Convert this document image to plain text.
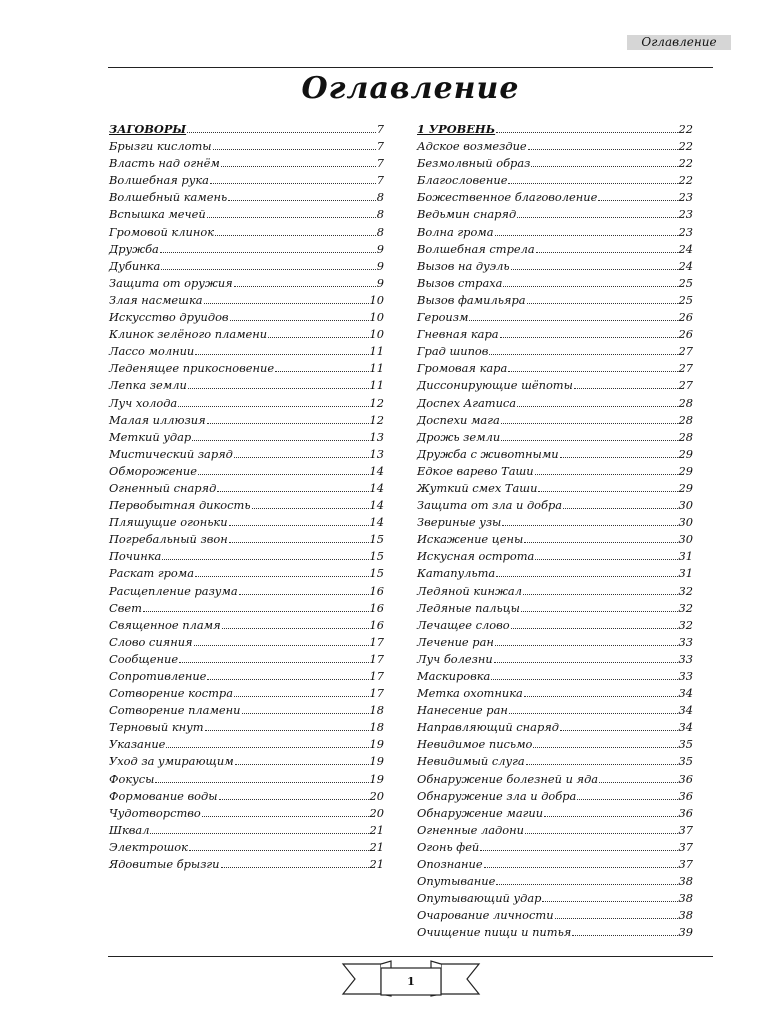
Оглавление
Оглавление
ЗАГОВОРЫ	7
Брызги кислоты	7
Власть над огнём	7
Волшебная рука	7
Волшебный камень	8
Вспышка мечей	8
Громовой клинок	8
Дружба	9
Дубинка	9
Защита от оружия	9
Злая насмешка	10
Искусство друидов	10
Клинок зелёного пламени	10
Лассо молнии	11
Леденящее прикосновение	11
Лепка земли	11
Луч холода	12
Малая иллюзия	12
Меткий удар	13
Мистический заряд	13
Обморожение	14
Огненный снаряд	14
Первобытная дикость	14
Пляшущие огоньки	14
Погребальный звон	15
Починка	15
Раскат грома	15
Расщепление разума	16
Свет	16
Священное пламя	16
Слово сияния	17
Сообщение	17
Сопротивление	17
Сотворение костра	17
Сотворение пламени	18
Терновый кнут	18
Указание	19
Уход за умирающим	19
Фокусы	19
Формование воды	20
Чудотворство	20
Шквал	21
Электрошок	21
Ядовитые брызги	21
1 УРОВЕНЬ	22
Адское возмездие	22
Безмолвный образ	22
Благословение	22
Божественное благоволение	23
Ведьмин снаряд	23
Волна грома	23
Волшебная стрела	24
Вызов на дуэль	24
Вызов страха	25
Вызов фамильяра	25
Героизм	26
Гневная кара	26
Град шипов	27
Громовая кара	27
Диссонирующие шёпоты	27
Доспех Агатиса	28
Доспехи мага	28
Дрожь земли	28
Дружба с животными	29
Едкое варево Таши	29
Жуткий смех Таши	29
Защита от зла и добра	30
Звериные узы	30
Искажение цены	30
Искусная острота	31
Катапульта	31
Ледяной кинжал	32
Ледяные пальцы	32
Лечащее слово	32
Лечение ран	33
Луч болезни	33
Маскировка	33
Метка охотника	34
Нанесение ран	34
Направляющий снаряд	34
Невидимое письмо	35
Невидимый слуга	35
Обнаружение болезней и яда	36
Обнаружение зла и добра	36
Обнаружение магии	36
Огненные ладони	37
Огонь фей	37
Опознание	37
Опутывание	38
Опутывающий удар	38
Очарование личности	38
Очищение пищи и питья	39
1
